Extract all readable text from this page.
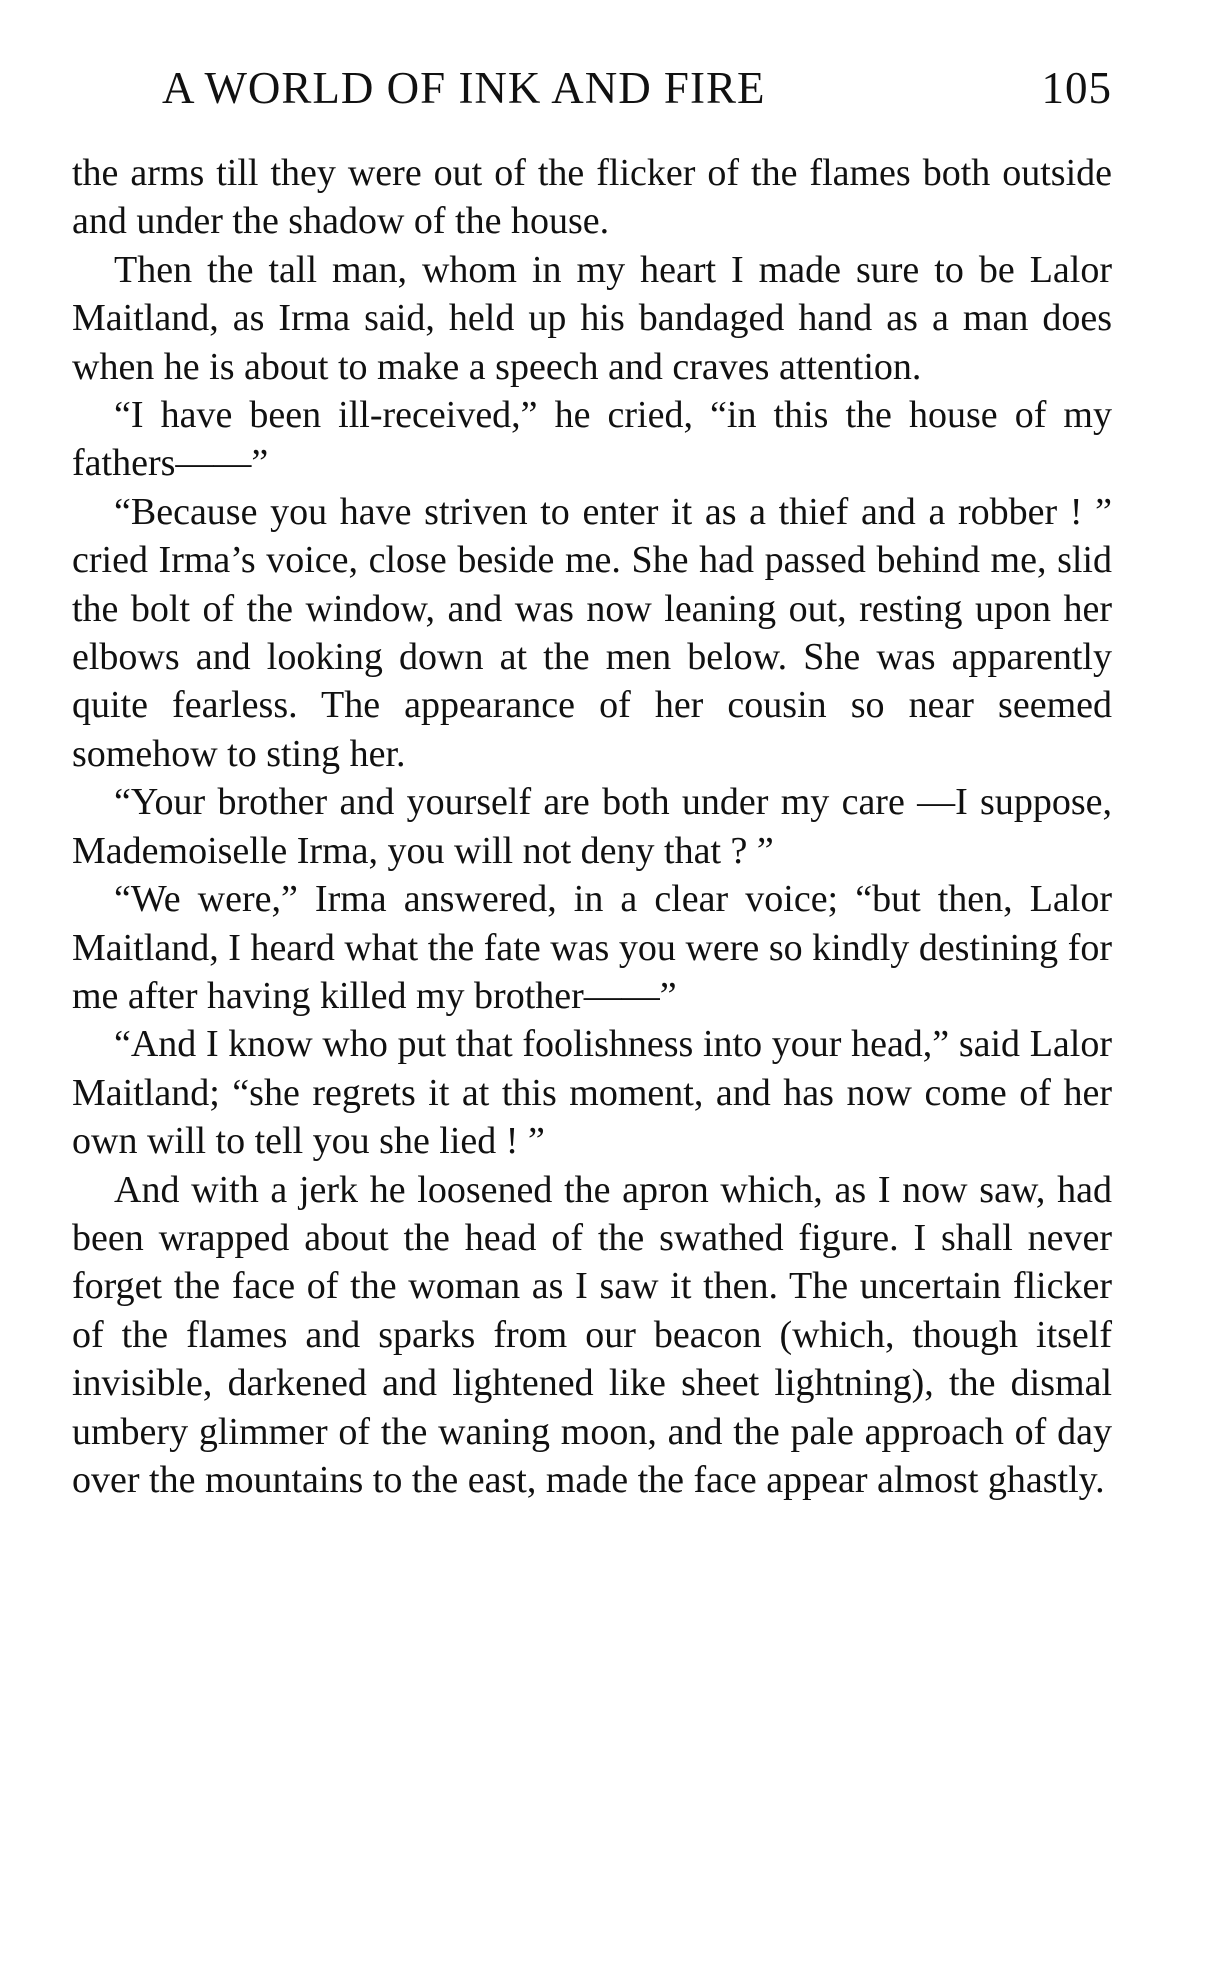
A WORLD OF INK AND FIRE	105

the arms till they were out of the flicker of the flames both outside and under the shadow of the house.

Then the tall man, whom in my heart I made sure to be Lalor Maitland, as Irma said, held up his bandaged hand as a man does when he is about to make a speech and craves attention.

“I have been ill-received,” he cried, “in this the house of my fathers——”

“Because you have striven to enter it as a thief and a robber ! ” cried Irma’s voice, close beside me. She had passed behind me, slid the bolt of the window, and was now leaning out, resting upon her elbows and looking down at the men below. She was apparently quite fearless. The appearance of her cousin so near seemed somehow to sting her.

“Your brother and yourself are both under my care —I suppose, Mademoiselle Irma, you will not deny that ? ”

“We were,” Irma answered, in a clear voice; “but then, Lalor Maitland, I heard what the fate was you were so kindly destining for me after having killed my brother——”

“And I know who put that foolishness into your head,” said Lalor Maitland; “she regrets it at this moment, and has now come of her own will to tell you she lied ! ”

And with a jerk he loosened the apron which, as I now saw, had been wrapped about the head of the swathed figure. I shall never forget the face of the woman as I saw it then. The uncertain flicker of the flames and sparks from our beacon (which, though itself invisible, darkened and lightened like sheet lightning), the dismal umbery glimmer of the waning moon, and the pale approach of day over the mountains to the east, made the face appear almost ghastly.
